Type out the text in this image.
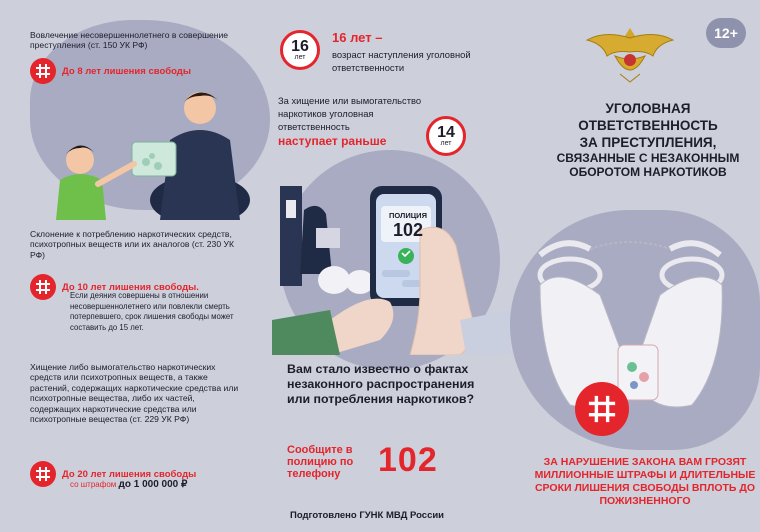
12+
Вовлечение несовершеннолетнего в совершение преступления (ст. 150 УК РФ)
До 8 лет лишения свободы
Склонение к потреблению наркотических средств, психотропных веществ или их аналогов (ст. 230 УК РФ)
До 10 лет лишения свободы.
Если деяния совершены в отношении несовершеннолетнего или повлекли смерть потерпевшего, срок лишения свободы может составить до 15 лет.
Хищение либо вымогательство наркотических средств или психотропных веществ, а также растений, содержащих наркотические средства или психотропные вещества, либо их частей, содержащих наркотические средства или психотропные вещества (ст. 229 УК РФ)
До 20 лет лишения свободы
со штрафом до 1 000 000 ₽
16
лет
16 лет –
возраст наступления уголовной ответственности
За хищение или вымогательство наркотиков уголовная ответственность
наступает раньше	14
лет
ПОЛИЦИЯ
102
Вам стало известно о фактах незаконного распространения или потребления наркотиков?
Сообщите в полицию по телефону	102
УГОЛОВНАЯ
ОТВЕТСТВЕННОСТЬ
ЗА ПРЕСТУПЛЕНИЯ,
СВЯЗАННЫЕ С НЕЗАКОННЫМ
ОБОРОТОМ НАРКОТИКОВ
ЗА НАРУШЕНИЕ ЗАКОНА ВАМ ГРОЗЯТ МИЛЛИОННЫЕ ШТРАФЫ И ДЛИТЕЛЬНЫЕ СРОКИ ЛИШЕНИЯ СВОБОДЫ ВПЛОТЬ ДО ПОЖИЗНЕННОГО
Подготовлено ГУНК МВД России
